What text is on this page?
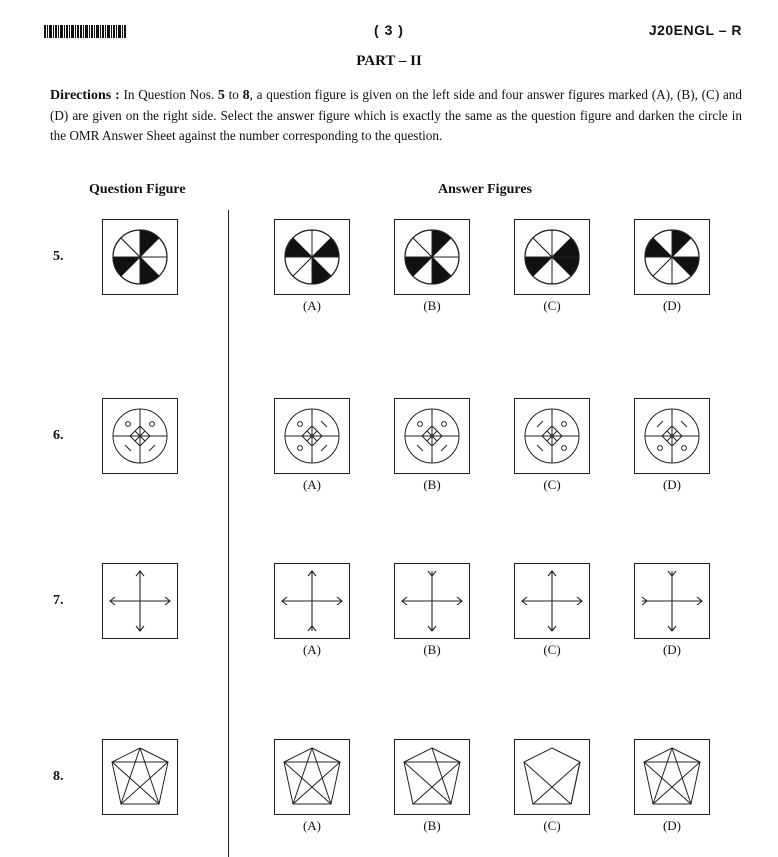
( 3 )	J20ENGL – R
PART – II
Directions : In Question Nos. 5 to 8, a question figure is given on the left side and four answer figures marked (A), (B), (C) and (D) are given on the right side. Select the answer figure which is exactly the same as the question figure and darken the circle in the OMR Answer Sheet against the number corresponding to the question.
Question Figure	Answer Figures
5.
(A)	(B)	(C)	(D)
6.
(A)	(B)	(C)	(D)
7.
(A)	(B)	(C)	(D)
8.
(A)	(B)	(C)	(D)
